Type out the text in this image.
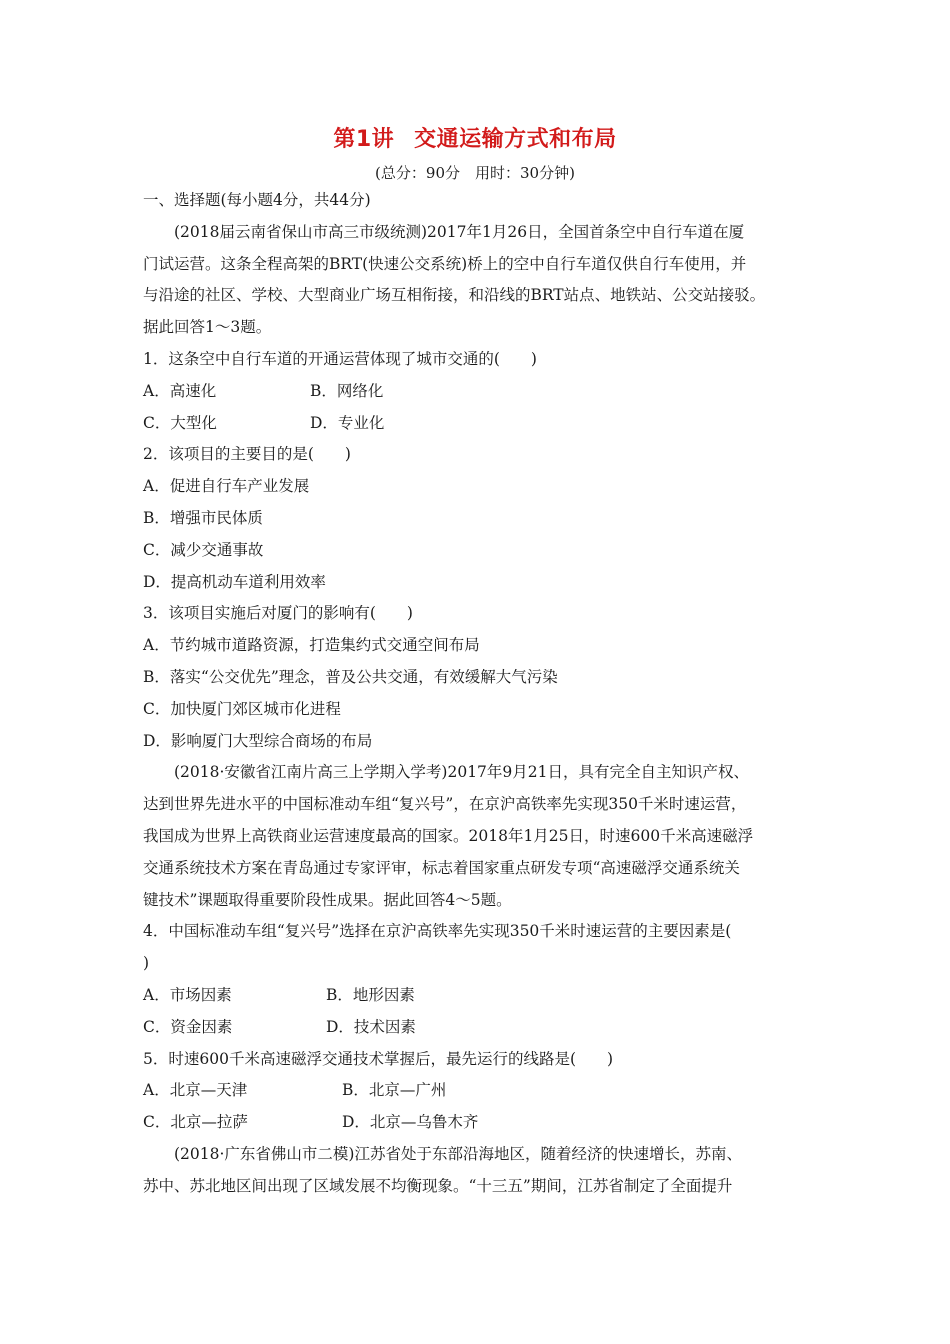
第1讲 交通运输方式和布局
(总分：90分　用时：30分钟)

一、选择题(每小题4分，共44分)

(2018届云南省保山市高三市级统测)2017年1月26日，全国首条空中自行车道在厦

门试运营。这条全程高架的BRT(快速公交系统)桥上的空中自行车道仅供自行车使用，并

与沿途的社区、学校、大型商业广场互相衔接，和沿线的BRT站点、地铁站、公交站接驳。

据此回答1～3题。

1．这条空中自行车道的开通运营体现了城市交通的(　　)

A．高速化	B．网络化
C．大型化	D．专业化

2．该项目的主要目的是(　　)

A．促进自行车产业发展

B．增强市民体质

C．减少交通事故

D．提高机动车道利用效率

3．该项目实施后对厦门的影响有(　　)

A．节约城市道路资源，打造集约式交通空间布局

B．落实“公交优先”理念，普及公共交通，有效缓解大气污染

C．加快厦门郊区城市化进程

D．影响厦门大型综合商场的布局

(2018·安徽省江南片高三上学期入学考)2017年9月21日，具有完全自主知识产权、

达到世界先进水平的中国标准动车组“复兴号”，在京沪高铁率先实现350千米时速运营，

我国成为世界上高铁商业运营速度最高的国家。2018年1月25日，时速600千米高速磁浮

交通系统技术方案在青岛通过专家评审，标志着国家重点研发专项“高速磁浮交通系统关

键技术”课题取得重要阶段性成果。据此回答4～5题。

4．中国标准动车组“复兴号”选择在京沪高铁率先实现350千米时速运营的主要因素是(

)

A．市场因素	B．地形因素
C．资金因素	D．技术因素

5．时速600千米高速磁浮交通技术掌握后，最先运行的线路是(　　)

A．北京—天津	B．北京—广州
C．北京—拉萨	D．北京—乌鲁木齐

(2018·广东省佛山市二模)江苏省处于东部沿海地区，随着经济的快速增长，苏南、

苏中、苏北地区间出现了区域发展不均衡现象。“十三五”期间，江苏省制定了全面提升
